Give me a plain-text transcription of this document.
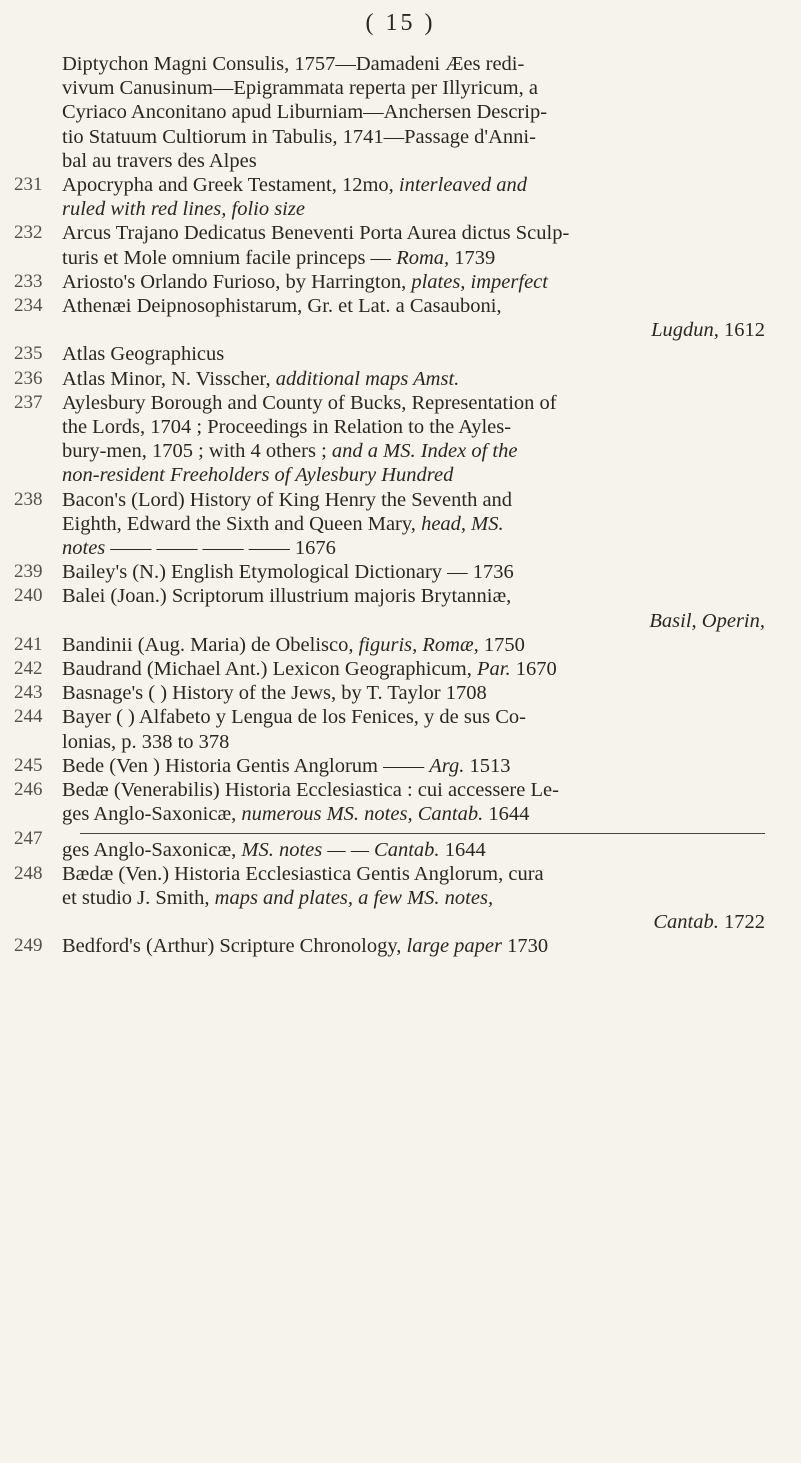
( 15 )
Diptychon Magni Consulis, 1757—Damadeni Æes redi-
vivum Canusinum—Epigrammata reperta per Illyricum, a
Cyriaco Anconitano apud Liburniam—Anchersen Descrip-
tio Statuum Cultiorum in Tabulis, 1741—Passage d'Anni-
bal au travers des Alpes
231 Apocrypha and Greek Testament, 12mo, interleaved and
ruled with red lines, folio size
232 Arcus Trajano Dedicatus Beneventi Porta Aurea dictus Sculp-
turis et Mole omnium facile princeps — Roma, 1739
233 Ariosto's Orlando Furioso, by Harrington, plates, imperfect
234 Athenæi Deipnosophistarum, Gr. et Lat. a Casauboni,
Lugdun, 1612
235 Atlas Geographicus
236 Atlas Minor, N. Visscher, additional maps Amst.
237 Aylesbury Borough and County of Bucks, Representation of
the Lords, 1704 ; Proceedings in Relation to the Ayles-
bury-men, 1705 ; with 4 others ; and a MS. Index of the
non-resident Freeholders of Aylesbury Hundred
238 Bacon's (Lord) History of King Henry the Seventh and
Eighth, Edward the Sixth and Queen Mary, head, MS.
notes —— —— —— —— 1676
239 Bailey's (N.) English Etymological Dictionary — 1736
240 Balei (Joan.) Scriptorum illustrium majoris Brytanniæ,
Basil, Operin,
241 Bandinii (Aug. Maria) de Obelisco, figuris, Romæ, 1750
242 Baudrand (Michael Ant.) Lexicon Geographicum, Par. 1670
243 Basnage's ( ) History of the Jews, by T. Taylor 1708
244 Bayer ( ) Alfabeto y Lengua de los Fenices, y de sus Co-
lonias, p. 338 to 378
245 Bede (Ven ) Historia Gentis Anglorum —— Arg. 1513
246 Bedæ (Venerabilis) Historia Ecclesiastica : cui accessere Le-
ges Anglo-Saxonicæ, numerous MS. notes, Cantab. 1644
247
ges Anglo-Saxonicæ, MS. notes — — Cantab. 1644
248 Bædæ (Ven.) Historia Ecclesiastica Gentis Anglorum, cura
et studio J. Smith, maps and plates, a few MS. notes,
Cantab. 1722
249 Bedford's (Arthur) Scripture Chronology, large paper 1730
